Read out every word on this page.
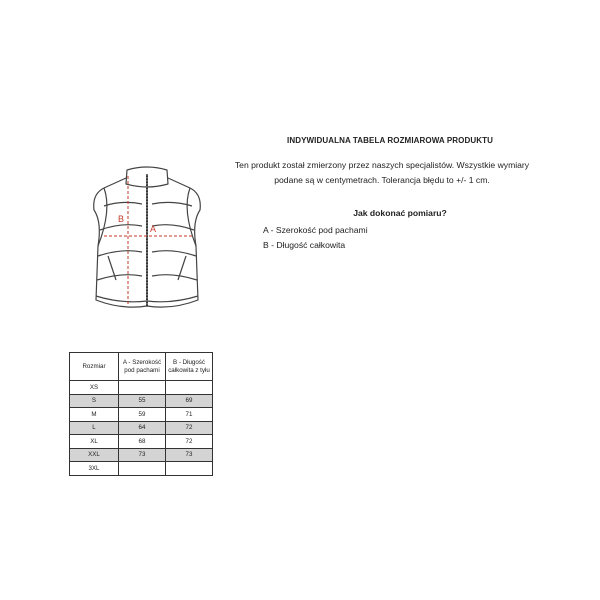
INDYWIDUALNA TABELA ROZMIAROWA PRODUKTU
Ten produkt został zmierzony przez naszych specjalistów. Wszystkie wymiary
podane są w centymetrach. Tolerancja błędu to +/- 1 cm.
Jak dokonać pomiaru?
A - Szerokość pod pachami
B - Długość całkowita
A
B
Rozmiar	A - Szerokość pod pachami	B - Długość całkowita z tyłu
XS		
S	55	69
M	59	71
L	64	72
XL	68	72
XXL	73	73
3XL		
